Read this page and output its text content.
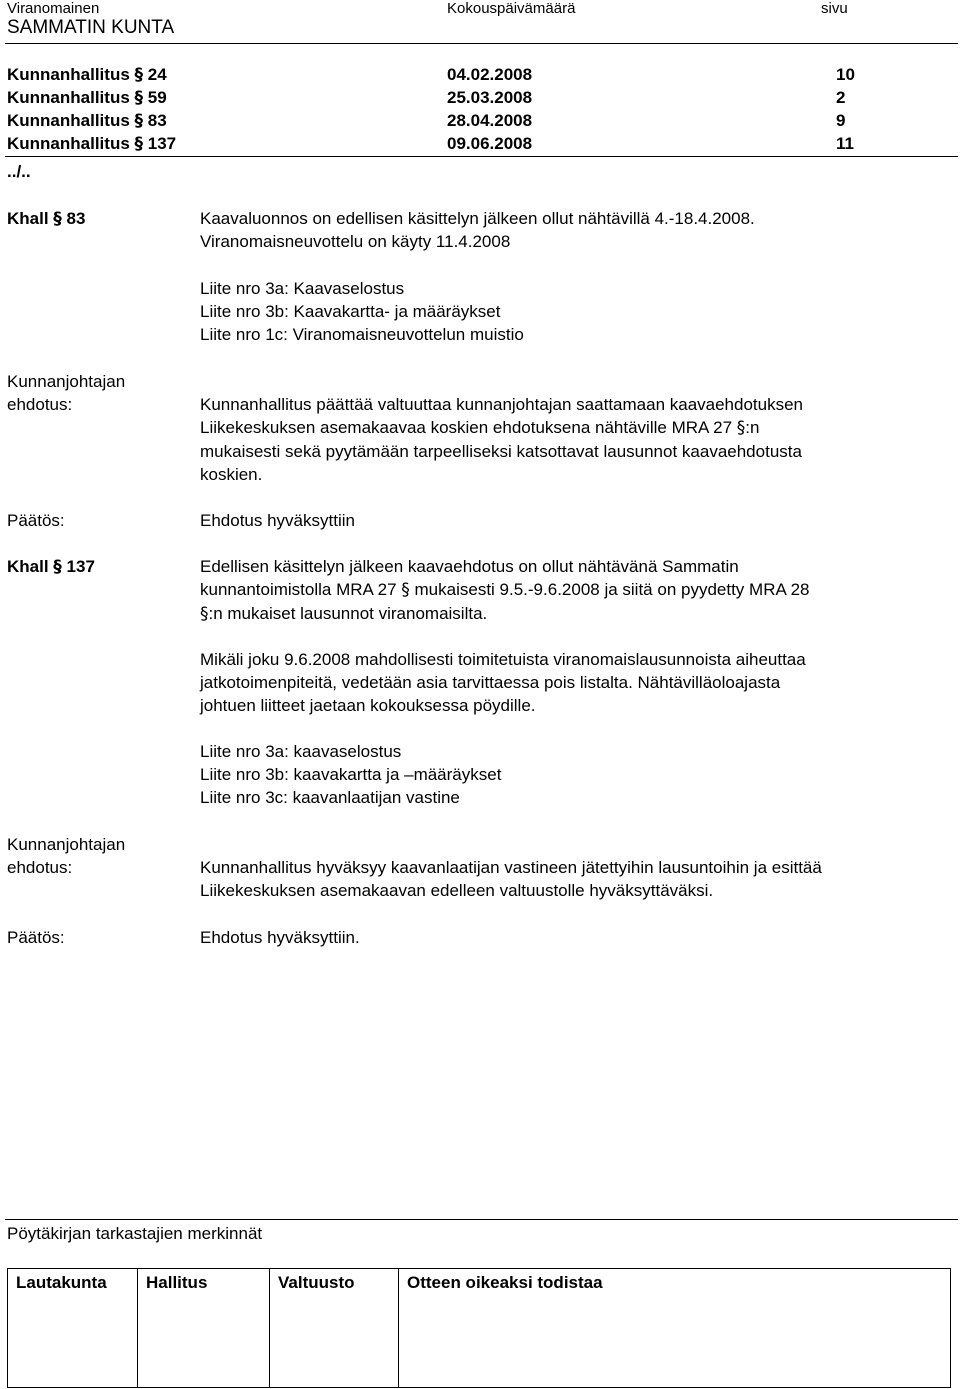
Viranomainen	Kokouspäivämäärä	sivu
SAMMATIN KUNTA
Kunnanhallitus § 24	04.02.2008	10
Kunnanhallitus § 59	25.03.2008	2
Kunnanhallitus § 83	28.04.2008	9
Kunnanhallitus § 137	09.06.2008	11
../..
Khall § 83	Kaavaluonnos on edellisen käsittelyn jälkeen ollut nähtävillä 4.-18.4.2008.
Viranomaisneuvottelu on käyty 11.4.2008
Liite nro 3a: Kaavaselostus
Liite nro 3b: Kaavakartta- ja määräykset
Liite nro 1c: Viranomaisneuvottelun muistio
Kunnanjohtajan
ehdotus:	Kunnanhallitus päättää valtuuttaa kunnanjohtajan saattamaan kaavaehdotuksen
Liikekeskuksen asemakaavaa koskien ehdotuksena nähtäville MRA 27 §:n
mukaisesti sekä pyytämään tarpeelliseksi katsottavat lausunnot kaavaehdotusta
koskien.
Päätös:	Ehdotus hyväksyttiin
Khall § 137	Edellisen käsittelyn jälkeen kaavaehdotus on ollut nähtävänä Sammatin
kunnantoimistolla MRA 27 § mukaisesti 9.5.-9.6.2008 ja siitä on pyydetty MRA 28
§:n mukaiset lausunnot viranomaisilta.
Mikäli joku 9.6.2008 mahdollisesti toimitetuista viranomaislausunnoista aiheuttaa
jatkotoimenpiteitä, vedetään asia tarvittaessa pois listalta. Nähtävilläoloajasta
johtuen liitteet jaetaan kokouksessa pöydille.
Liite nro 3a: kaavaselostus
Liite nro 3b: kaavakartta ja –määräykset
Liite nro 3c: kaavanlaatijan vastine
Kunnanjohtajan
ehdotus:	Kunnanhallitus hyväksyy kaavanlaatijan vastineen jätettyihin lausuntoihin ja esittää
Liikekeskuksen asemakaavan edelleen valtuustolle hyväksyttäväksi.
Päätös:	Ehdotus hyväksyttiin.
Pöytäkirjan tarkastajien merkinnät
Lautakunta	Hallitus	Valtuusto	Otteen oikeaksi todistaa
